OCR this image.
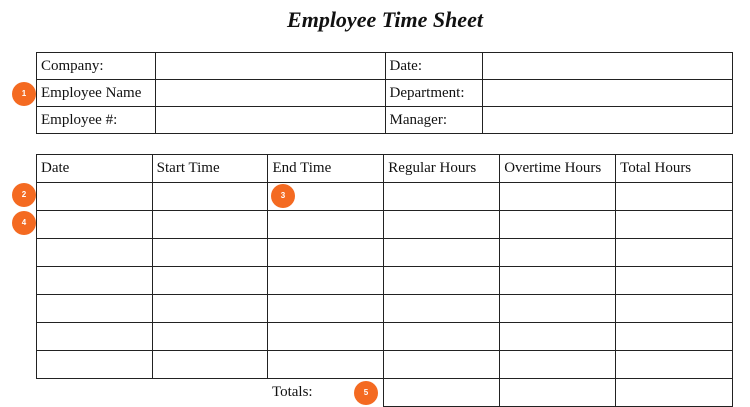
Employee Time Sheet
Company:		Date:	
Employee Name		Department:	
Employee #:		Manager:	
Date	Start Time	End Time	Regular Hours	Overtime Hours	Total Hours

		Totals:			
1
2	3
4
5
